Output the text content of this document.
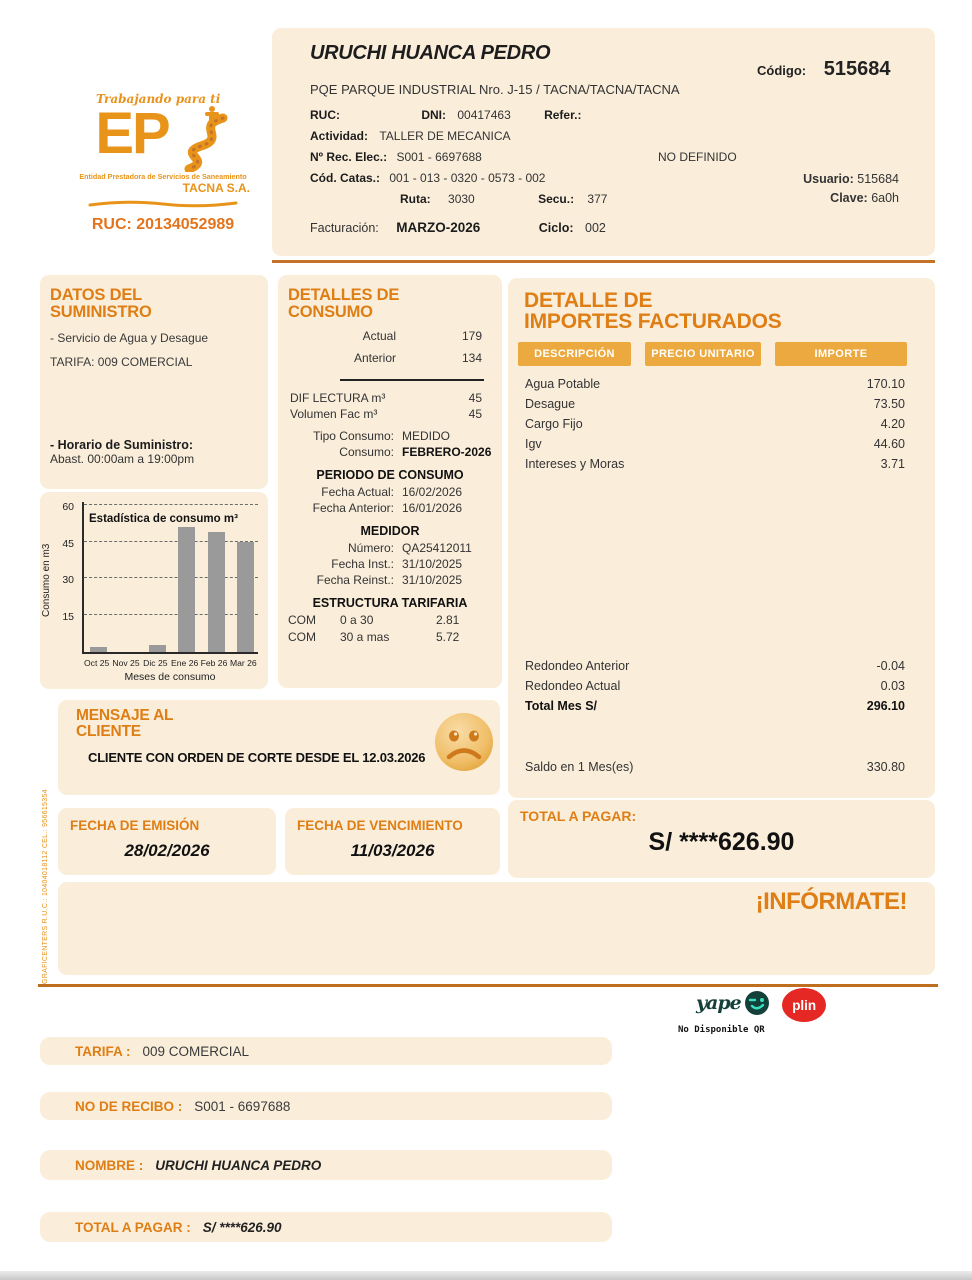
Trabajando para ti
EP
Entidad Prestadora de Servicios de Saneamiento
TACNA S.A.
RUC: 20134052989
URUCHI HUANCA PEDRO
Código: 515684
PQE PARQUE INDUSTRIAL Nro. J-15 / TACNA/TACNA/TACNA
RUC:	DNI: 00417463	Refer.:
Actividad: TALLER DE MECANICA
Nº Rec. Elec.: S001 - 6697688	NO DEFINIDO
Cód. Catas.: 001 - 013 - 0320 - 0573 - 002
Ruta: 3030	Secu.: 377
Usuario: 515684
Clave: 6a0h
Facturación: MARZO-2026	Ciclo: 002
DATOS DEL
SUMINISTRO
- Servicio de Agua y Desague
TARIFA: 009 COMERCIAL
- Horario de Suministro:
Abast. 00:00am a 19:00pm
Consumo en m3
15
30
45
60
Estadística de consumo m³
Oct 25 Nov 25 Dic 25 Ene 26 Feb 26 Mar 26
Meses de consumo
DETALLES DE
CONSUMO
Actual	179
Anterior	134
DIF LECTURA m³	45
Volumen Fac m³	45
Tipo Consumo: MEDIDO
Consumo: FEBRERO-2026
PERIODO DE CONSUMO
Fecha Actual: 16/02/2026
Fecha Anterior: 16/01/2026
MEDIDOR
Número: QA25412011
Fecha Inst.: 31/10/2025
Fecha Reinst.: 31/10/2025
ESTRUCTURA TARIFARIA
COM	0 a 30	2.81
COM	30 a mas	5.72
DETALLE DE
IMPORTES FACTURADOS
DESCRIPCIÓN	PRECIO UNITARIO	IMPORTE
Agua Potable	170.10
Desague	73.50
Cargo Fijo	4.20
Igv	44.60
Intereses y Moras	3.71
Redondeo Anterior	-0.04
Redondeo Actual	0.03
Total Mes S/	296.10
Saldo en 1 Mes(es)	330.80
MENSAJE AL
CLIENTE
CLIENTE CON ORDEN DE CORTE DESDE EL 12.03.2026
FECHA DE EMISIÓN
28/02/2026
FECHA DE VENCIMIENTO
11/03/2026
TOTAL A PAGAR:
S/ ****626.90
¡INFÓRMATE!
yape
	plin
No Disponible QR
TARIFA : 009 COMERCIAL
NO DE RECIBO : S001 - 6697688
NOMBRE : URUCHI HUANCA PEDRO
TOTAL A PAGAR : S/ ****626.90
GRAFICENTERS R.U.C.: 10404018112 CEL.: 956615354
